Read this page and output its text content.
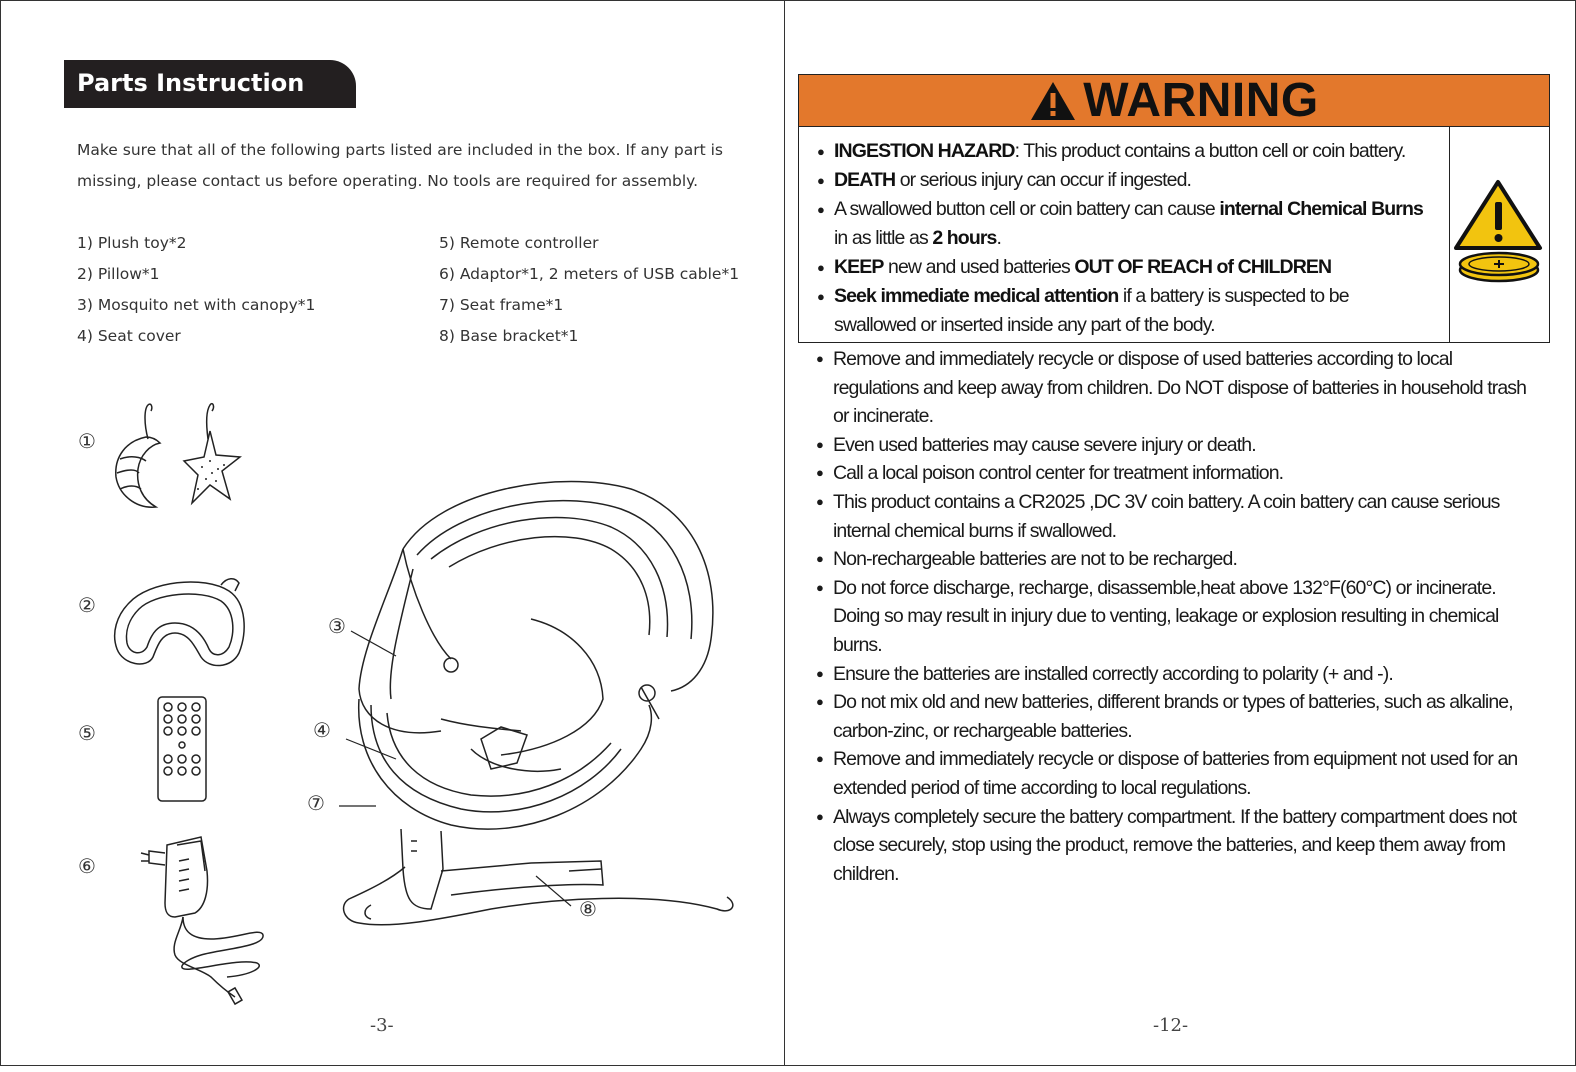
Parts Instruction
Make sure that all of the following parts listed are included in the box. If any part is missing, please contact us before operating. No tools are required for assembly.
1) Plush toy*2
2) Pillow*1
3) Mosquito net with canopy*1
4) Seat cover
5) Remote controller
6) Adaptor*1, 2 meters of USB cable*1
7) Seat frame*1
8) Base bracket*1
①
②
⑤
⑥
③
④
⑦
⑧
-3-	-12-
WARNING
● INGESTION HAZARD: This product contains a button cell or coin battery.
● DEATH or serious injury can occur if ingested.
● A swallowed button cell or coin battery can cause internal Chemical Burns in as little as 2 hours.
● KEEP new and used batteries OUT OF REACH of CHILDREN
● Seek immediate medical attention if a battery is suspected to be swallowed or inserted inside any part of the body.
● Remove and immediately recycle or dispose of used batteries according to local regulations and keep away from children. Do NOT dispose of batteries in household trash or incinerate.
● Even used batteries may cause severe injury or death.
● Call a local poison control center for treatment information.
● This product contains a CR2025 ,DC 3V coin battery. A coin battery can cause serious internal chemical burns if swallowed.
● Non-rechargeable batteries are not to be recharged.
● Do not force discharge, recharge, disassemble,heat above 132°F(60°C) or incinerate. Doing so may result in injury due to venting, leakage or explosion resulting in chemical burns.
● Ensure the batteries are installed correctly according to polarity (+ and -).
● Do not mix old and new batteries, different brands or types of batteries, such as alkaline, carbon-zinc, or rechargeable batteries.
● Remove and immediately recycle or dispose of batteries from equipment not used for an extended period of time according to local regulations.
● Always completely secure the battery compartment. If the battery compartment does not close securely, stop using the product, remove the batteries, and keep them away from children.
